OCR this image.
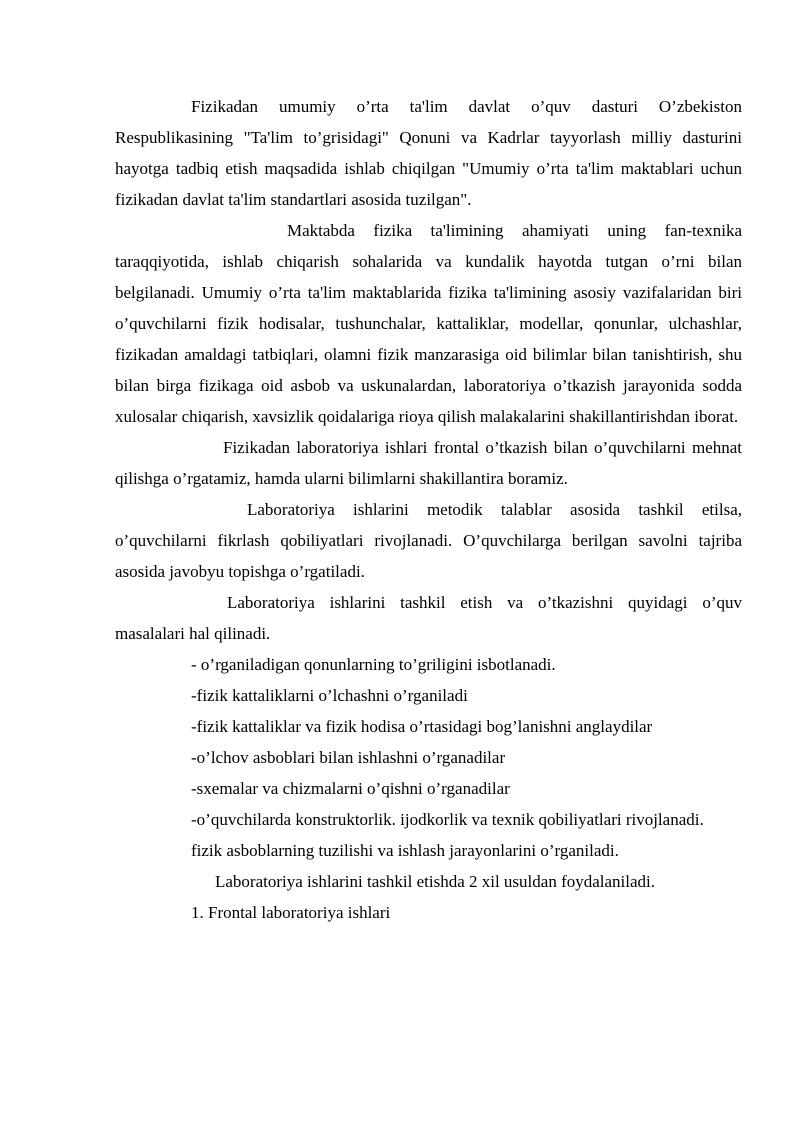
Fizikadan umumiy o’rta ta'lim davlat o’quv dasturi O’zbekiston Respublikasining "Ta'lim to’grisidagi" Qonuni va Kadrlar tayyorlash milliy dasturini hayotga tadbiq etish maqsadida ishlab chiqilgan "Umumiy o’rta ta'lim maktablari uchun fizikadan davlat ta'lim standartlari asosida tuzilgan".

Maktabda fizika ta'limining ahamiyati uning fan-texnika taraqqiyotida, ishlab chiqarish sohalarida va kundalik hayotda tutgan o’rni bilan belgilanadi. Umumiy o’rta ta'lim maktablarida fizika ta'limining asosiy vazifalaridan biri o’quvchilarni fizik hodisalar, tushunchalar, kattaliklar, modellar, qonunlar, ulchashlar, fizikadan amaldagi tatbiqlari, olamni fizik manzarasiga oid bilimlar bilan tanishtirish, shu bilan birga fizikaga oid asbob va uskunalardan, laboratoriya o’tkazish jarayonida sodda xulosalar chiqarish, xavsizlik qoidalariga rioya qilish malakalarini shakillantirishdan iborat.

Fizikadan laboratoriya ishlari frontal o’tkazish bilan o’quvchilarni mehnat qilishga o’rgatamiz, hamda ularni bilimlarni shakillantira boramiz.

Laboratoriya ishlarini metodik talablar asosida tashkil etilsa, o’quvchilarni fikrlash qobiliyatlari rivojlanadi. O’quvchilarga berilgan savolni tajriba asosida javobyu topishga o’rgatiladi.

Laboratoriya ishlarini tashkil etish va o’tkazishni quyidagi o’quv masalalari hal qilinadi.

- o’rganiladigan qonunlarning to’griligini isbotlanadi.

-fizik kattaliklarni o’lchashni o’rganiladi

-fizik kattaliklar va fizik hodisa o’rtasidagi bog’lanishni anglaydilar

-o’lchov asboblari bilan ishlashni o’rganadilar

-sxemalar va chizmalarni o’qishni o’rganadilar

-o’quvchilarda konstruktorlik. ijodkorlik va texnik qobiliyatlari rivojlanadi.

fizik asboblarning tuzilishi va ishlash jarayonlarini o’rganiladi.

Laboratoriya ishlarini tashkil etishda 2 xil usuldan foydalaniladi.

1. Frontal laboratoriya ishlari
